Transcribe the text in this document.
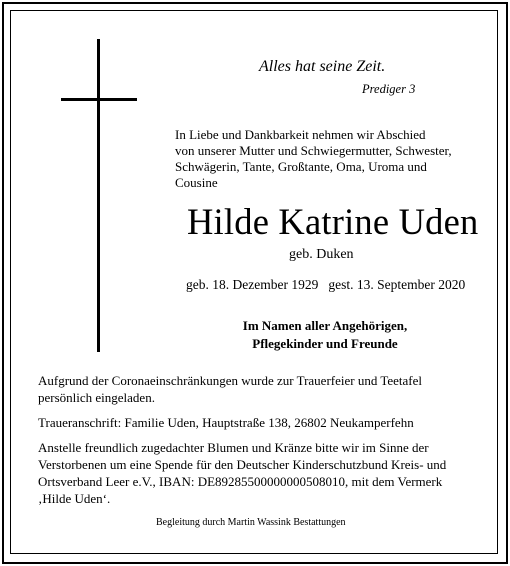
Alles hat seine Zeit.
Prediger 3
In Liebe und Dankbarkeit nehmen wir Abschied
von unserer Mutter und Schwiegermutter, Schwester,
Schwägerin, Tante, Großtante, Oma, Uroma und
Cousine
Hilde Katrine Uden
geb. Duken
geb. 18. Dezember 1929 gest. 13. September 2020
Im Namen aller Angehörigen,
Pflegekinder und Freunde
Aufgrund der Coronaeinschränkungen wurde zur Trauerfeier und Teetafel
persönlich eingeladen.
Traueranschrift: Familie Uden, Hauptstraße 138, 26802 Neukamperfehn
Anstelle freundlich zugedachter Blumen und Kränze bitte wir im Sinne der
Verstorbenen um eine Spende für den Deutscher Kinderschutzbund Kreis- und
Ortsverband Leer e.V., IBAN: DE89285500000000508010, mit dem Vermerk
‚Hilde Uden‘.
Begleitung durch Martin Wassink Bestattungen
